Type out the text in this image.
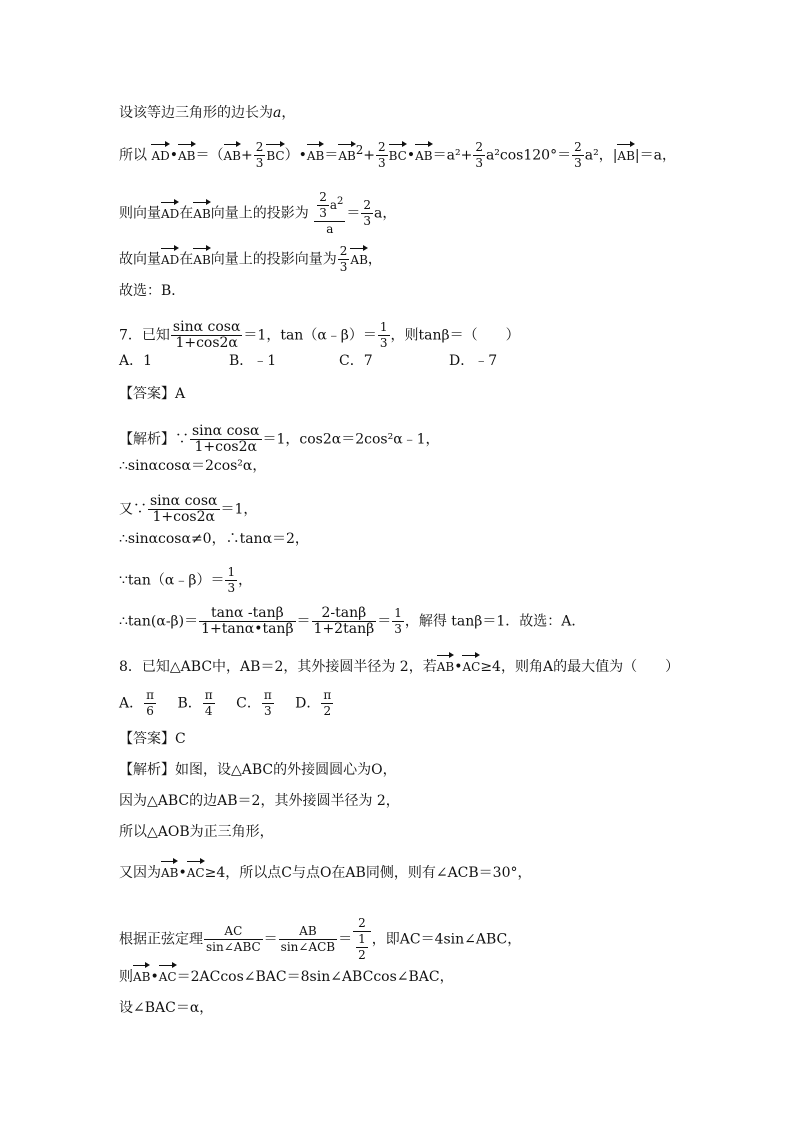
设该等边三角形的边长为a，
所以 AD•AB＝（AB+ $\frac{2}{3}$ $BC)•AB=AB^2+ \frac{2}{3}$ BC•AB＝a²+ $\frac{2}{3} a^2\cos 120^\circ= \frac{2}{3} a^2$，|AB|＝a，
则向量AD在AB向量上的投影为 $\frac{\frac{2}{3} a^2}{a} = \frac{2}{3}$ a，
故向量AD在AB向量上的投影向量为 $\frac{2}{3}$ AB，
故选：B．
7．已知 $\frac{\text{sinα cosα}}{1+\cos 2\alpha} =1$，tan（α﹣β）＝ $\frac{1}{3}$ ，则tanβ＝（　　）
A．1	B．﹣1	C．7	D．﹣7
【答案】A
【解析】∵ $\frac{\text{sinα cosα}}{1+\cos 2\alpha} =1$，cos2α＝2cos²α﹣1，
∴sinαcosα＝2cos²α，
又∵ $\frac{\text{sinα cosα}}{1+\cos 2\alpha} =1$，
∴sinαcosα≠0，∴tanα＝2，
∵tan（α﹣β）＝ $\frac{1}{3}$ ，
∴tan(α-β)＝ $\frac{\tan\alpha -\tan\beta}{1+\tan\alpha•\tan\beta} = \frac{2-\tan\beta}{1+2\tan\beta} = \frac{1}{3}$ ，解得 tanβ＝1．故选：A．
8．已知△ABC中，AB＝2，其外接圆半径为 2，若AB•AC≥4，则角A的最大值为（　　）
A． $\frac{\pi}{6}$ B． $\frac{\pi}{4}$ C． $\frac{\pi}{3}$ D． $\frac{\pi}{2}$
【答案】C
【解析】如图，设△ABC的外接圆圆心为O，
因为△ABC的边AB＝2，其外接圆半径为 2，
所以△AOB为正三角形，
又因为AB•AC≥4，所以点C与点O在AB同侧，则有∠ACB＝30°，
根据正弦定理
AC
sin∠ABC ＝
AB
sin∠ACB ＝ $\frac{2}{\frac{1}{2}}$ ，即AC＝4sin∠ABC，
则AB•AC＝2ACcos∠BAC＝8sin∠ABCcos∠BAC，
设∠BAC＝α，
